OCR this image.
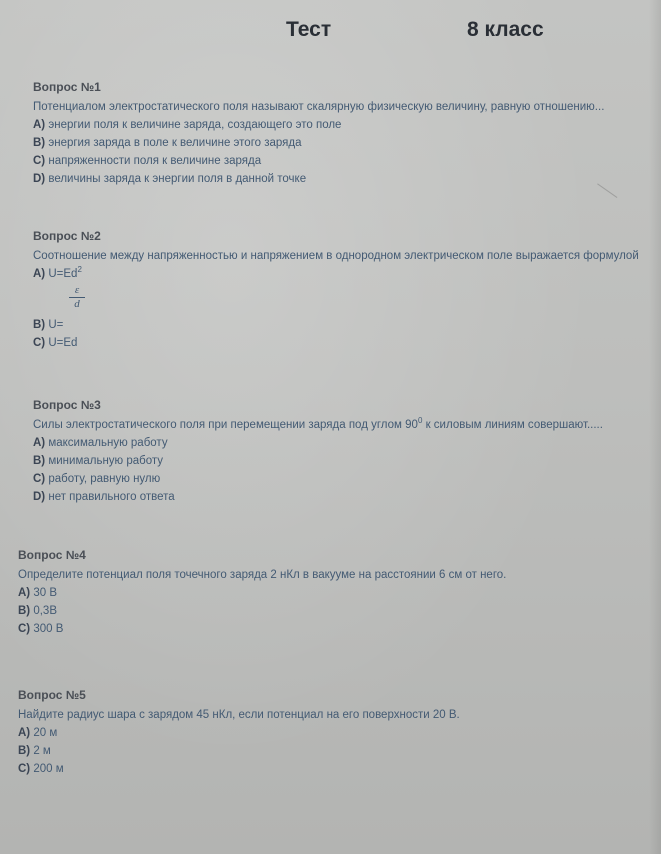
Тест	8 класс
Вопрос №1
Потенциалом электростатического поля называют скалярную физическую величину, равную отношению...
A) энергии поля к величине заряда, создающего это поле
B) энергия заряда в поле к величине этого заряда
C) напряженности поля к величине заряда
D) величины заряда к энергии поля в данной точке
Вопрос №2
Соотношение между напряженностью и напряжением в однородном электрическом поле выражается формулой
A) $U=Ed^2$
ε
d
B) U=
C) U=Ed
Вопрос №3
Силы электростатического поля при перемещении заряда под углом $90^0$ к силовым линиям совершают.....
A) максимальную работу
B) минимальную работу
C) работу, равную нулю
D) нет правильного ответа
Вопрос №4
Определите потенциал поля точечного заряда 2 нКл в вакууме на расстоянии 6 см от него.
A) 30 В
B) 0,3В
C) 300 В
Вопрос №5
Найдите радиус шара с зарядом 45 нКл, если потенциал на его поверхности 20 В.
A) 20 м
B) 2 м
C) 200 м
